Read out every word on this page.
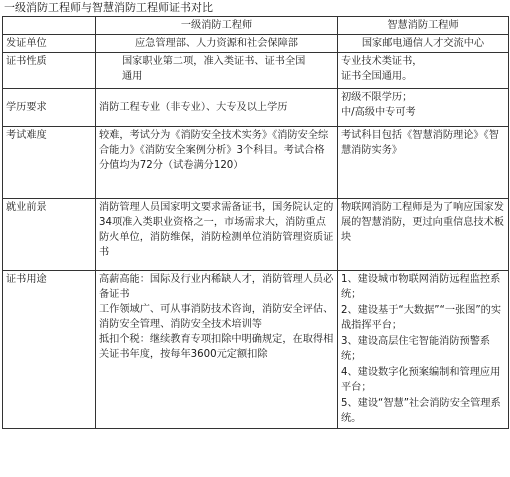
一级消防工程师与智慧消防工程师证书对比
	一级消防工程师	智慧消防工程师
发证单位	应急管理部、人力资源和社会保障部	国家邮电通信人才交流中心
证书性质	国家职业第二项，准入类证书、证书全国通用	专业技术类证书，
证书全国通用。

学历要求	消防工程专业（非专业）、大专及以上学历	初级不限学历；
中/高级中专可考

考试难度	较难，考试分为《消防安全技术实务》《消防安全综合能力》《消防安全案例分析》3个科目。考试合格分值均为72分（试卷满分120）	考试科目包括《智慧消防理论》《智慧消防实务》
就业前景	消防管理人员国家明文要求需备证书，国务院认定的34项准入类职业资格之一，市场需求大，消防重点防火单位，消防维保，消防检测单位消防管理资质证书	物联网消防工程师是为了响应国家发展的智慧消防，更过向重信息技术板块
证书用途	高薪高能：国际及行业内稀缺人才，消防管理人员必备证书
工作领域广、可从事消防技术咨询，消防安全评估、消防安全管理、消防安全技术培训等
抵扣个税：继续教育专项扣除中明确规定，在取得相关证书年度，按每年3600元定额扣除	1、建设城市物联网消防远程监控系统；
2、建设基于“大数据”“一张图”的实战指挥平台；
3、建设高层住宅智能消防预警系统；
4、建设数字化预案编制和管理应用平台；
5、建设“智慧”社会消防安全管理系统。
